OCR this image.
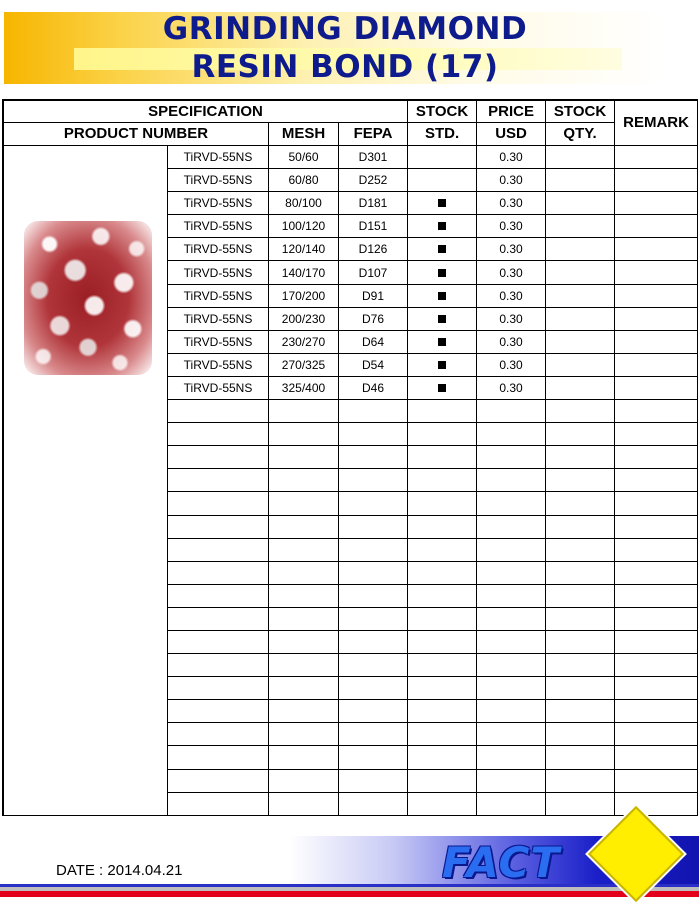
GRINDING DIAMOND
RESIN BOND (17)
SPECIFICATION				STOCK	PRICE	STOCK	REMARK
PRODUCT NUMBER		MESH	FEPA	STD.	USD	QTY.	

	TiRVD-55NS	50/60	D301		0.30		
	TiRVD-55NS	60/80	D252		0.30		
	TiRVD-55NS	80/100	D181		0.30		
	TiRVD-55NS	100/120	D151		0.30		
	TiRVD-55NS	120/140	D126		0.30		
	TiRVD-55NS	140/170	D107		0.30		
	TiRVD-55NS	170/200	D91		0.30		
	TiRVD-55NS	200/230	D76		0.30		
	TiRVD-55NS	230/270	D64		0.30		
	TiRVD-55NS	270/325	D54		0.30		
	TiRVD-55NS	325/400	D46		0.30		

DATE : 2014.04.21	FACT
